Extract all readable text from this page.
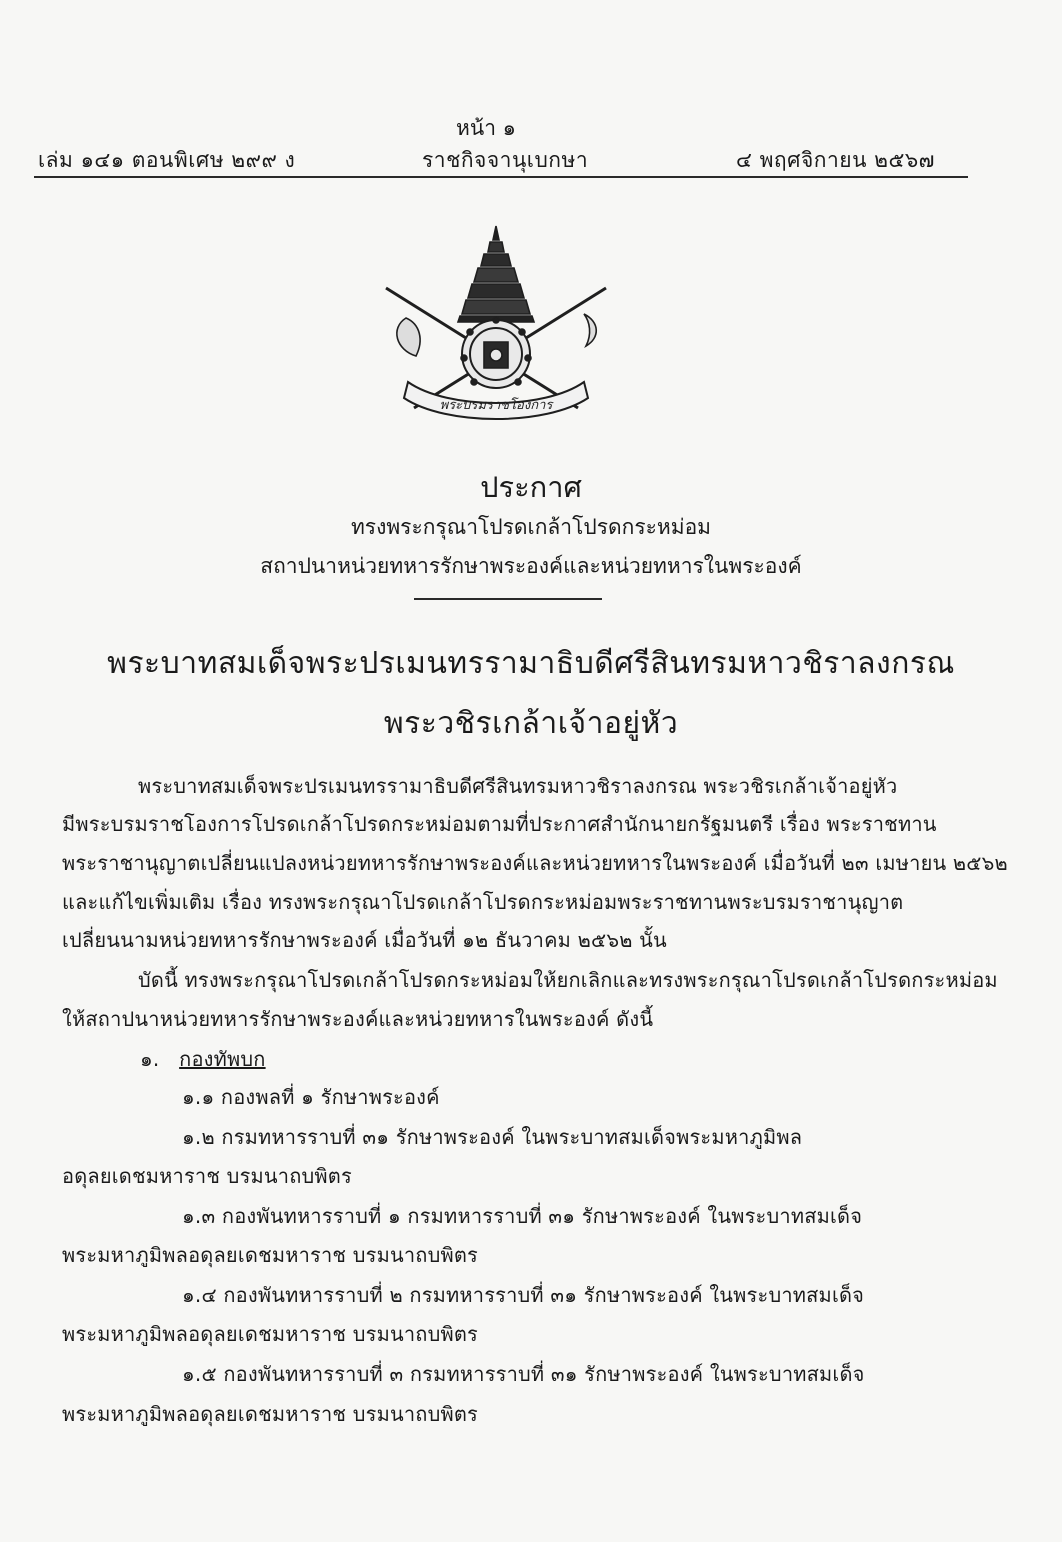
หน้า ๑
เล่ม ๑๔๑ ตอนพิเศษ ๒๙๙ ง	ราชกิจจานุเบกษา	๔ พฤศจิกายน ๒๕๖๗
พระบรมราชโองการ
ประกาศ
ทรงพระกรุณาโปรดเกล้าโปรดกระหม่อม
สถาปนาหน่วยทหารรักษาพระองค์และหน่วยทหารในพระองค์
พระบาทสมเด็จพระปรเมนทรรามาธิบดีศรีสินทรมหาวชิราลงกรณ
พระวชิรเกล้าเจ้าอยู่หัว
พระบาทสมเด็จพระปรเมนทรรามาธิบดีศรีสินทรมหาวชิราลงกรณ พระวชิรเกล้าเจ้าอยู่หัว
มีพระบรมราชโองการโปรดเกล้าโปรดกระหม่อมตามที่ประกาศสำนักนายกรัฐมนตรี เรื่อง พระราชทาน
พระราชานุญาตเปลี่ยนแปลงหน่วยทหารรักษาพระองค์และหน่วยทหารในพระองค์ เมื่อวันที่ ๒๓ เมษายน ๒๕๖๒
และแก้ไขเพิ่มเติม เรื่อง ทรงพระกรุณาโปรดเกล้าโปรดกระหม่อมพระราชทานพระบรมราชานุญาต
เปลี่ยนนามหน่วยทหารรักษาพระองค์ เมื่อวันที่ ๑๒ ธันวาคม ๒๕๖๒ นั้น
บัดนี้ ทรงพระกรุณาโปรดเกล้าโปรดกระหม่อมให้ยกเลิกและทรงพระกรุณาโปรดเกล้าโปรดกระหม่อม
ให้สถาปนาหน่วยทหารรักษาพระองค์และหน่วยทหารในพระองค์ ดังนี้
๑. กองทัพบก
๑.๑ กองพลที่ ๑ รักษาพระองค์
๑.๒ กรมทหารราบที่ ๓๑ รักษาพระองค์ ในพระบาทสมเด็จพระมหาภูมิพล
อดุลยเดชมหาราช บรมนาถบพิตร
๑.๓ กองพันทหารราบที่ ๑ กรมทหารราบที่ ๓๑ รักษาพระองค์ ในพระบาทสมเด็จ
พระมหาภูมิพลอดุลยเดชมหาราช บรมนาถบพิตร
๑.๔ กองพันทหารราบที่ ๒ กรมทหารราบที่ ๓๑ รักษาพระองค์ ในพระบาทสมเด็จ
พระมหาภูมิพลอดุลยเดชมหาราช บรมนาถบพิตร
๑.๕ กองพันทหารราบที่ ๓ กรมทหารราบที่ ๓๑ รักษาพระองค์ ในพระบาทสมเด็จ
พระมหาภูมิพลอดุลยเดชมหาราช บรมนาถบพิตร
